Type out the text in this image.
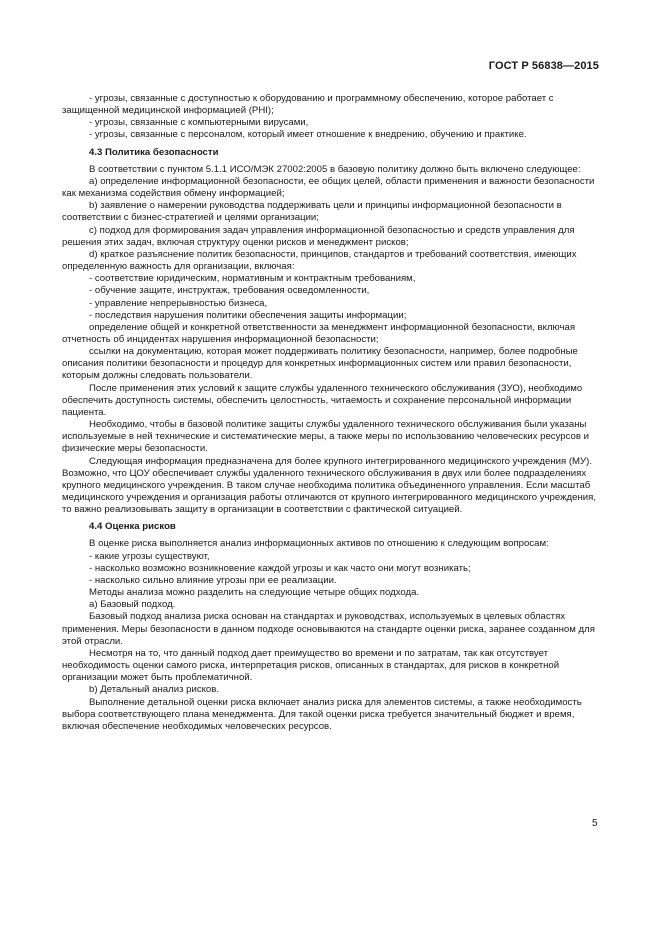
ГОСТ Р 56838—2015

- угрозы, связанные с доступностью к оборудованию и программному обеспечению, которое работает с защищенной медицинской информацией (PHI);

- угрозы, связанные с компьютерными вирусами,

- угрозы, связанные с персоналом, который имеет отношение к внедрению, обучению и практике.

4.3 Политика безопасности

В соответствии с пунктом 5.1.1 ИСО/МЭК 27002:2005 в базовую политику должно быть включено следующее:

а) определение информационной безопасности, ее общих целей, области применения и важности безопасности как механизма содействия обмену информацией;

b) заявление о намерении руководства поддерживать цели и принципы информационной безопасности в соответствии с бизнес-стратегией и целями организации;

с) подход для формирования задач управления информационной безопасностью и средств управления для решения этих задач, включая структуру оценки рисков и менеджмент рисков;

d) краткое разъяснение политик безопасности, принципов, стандартов и требований соответствия, имеющих определенную важность для организации, включая:

- соответствие юридическим, нормативным и контрактным требованиям,

- обучение защите, инструктаж, требования осведомленности,

- управление непрерывностью бизнеса,

- последствия нарушения политики обеспечения защиты информации;

определение общей и конкретной ответственности за менеджмент информационной безопасности, включая отчетность об инцидентах нарушения информационной безопасности;

ссылки на документацию, которая может поддерживать политику безопасности, например, более подробные описания политики безопасности и процедур для конкретных информационных систем или правил безопасности, которым должны следовать пользователи.

После применения этих условий к защите службы удаленного технического обслуживания (ЗУО), необходимо обеспечить доступность системы, обеспечить целостность, читаемость и сохранение персональной информации пациента.

Необходимо, чтобы в базовой политике защиты службы удаленного технического обслуживания были указаны используемые в ней технические и систематические меры, а также меры по использованию человеческих ресурсов и физические меры безопасности.

Следующая информация предназначена для более крупного интегрированного медицинского учреждения (МУ). Возможно, что ЦОУ обеспечивает службы удаленного технического обслуживания в двух или более подразделениях крупного медицинского учреждения. В таком случае необходима политика объединенного управления. Если масштаб медицинского учреждения и организация работы отличаются от крупного интегрированного медицинского учреждения, то важно реализовывать защиту в организации в соответствии с фактической ситуацией.

4.4 Оценка рисков

В оценке риска выполняется анализ информационных активов по отношению к следующим вопросам:

- какие угрозы существуют,

- насколько возможно возникновение каждой угрозы и как часто они могут возникать;

- насколько сильно влияние угрозы при ее реализации.

Методы анализа можно разделить на следующие четыре общих подхода.

а) Базовый подход.

Базовый подход анализа риска основан на стандартах и руководствах, используемых в целевых областях применения. Меры безопасности в данном подходе основываются на стандарте оценки риска, заранее созданном для этой отрасли.

Несмотря на то, что данный подход дает преимущество во времени и по затратам, так как отсутствует необходимость оценки самого риска, интерпретация рисков, описанных в стандартах, для рисков в конкретной организации может быть проблематичной.

b) Детальный анализ рисков.

Выполнение детальной оценки риска включает анализ риска для элементов системы, а также необходимость выбора соответствующего плана менеджмента. Для такой оценки риска требуется значительный бюджет и время, включая обеспечение необходимых человеческих ресурсов.

5
